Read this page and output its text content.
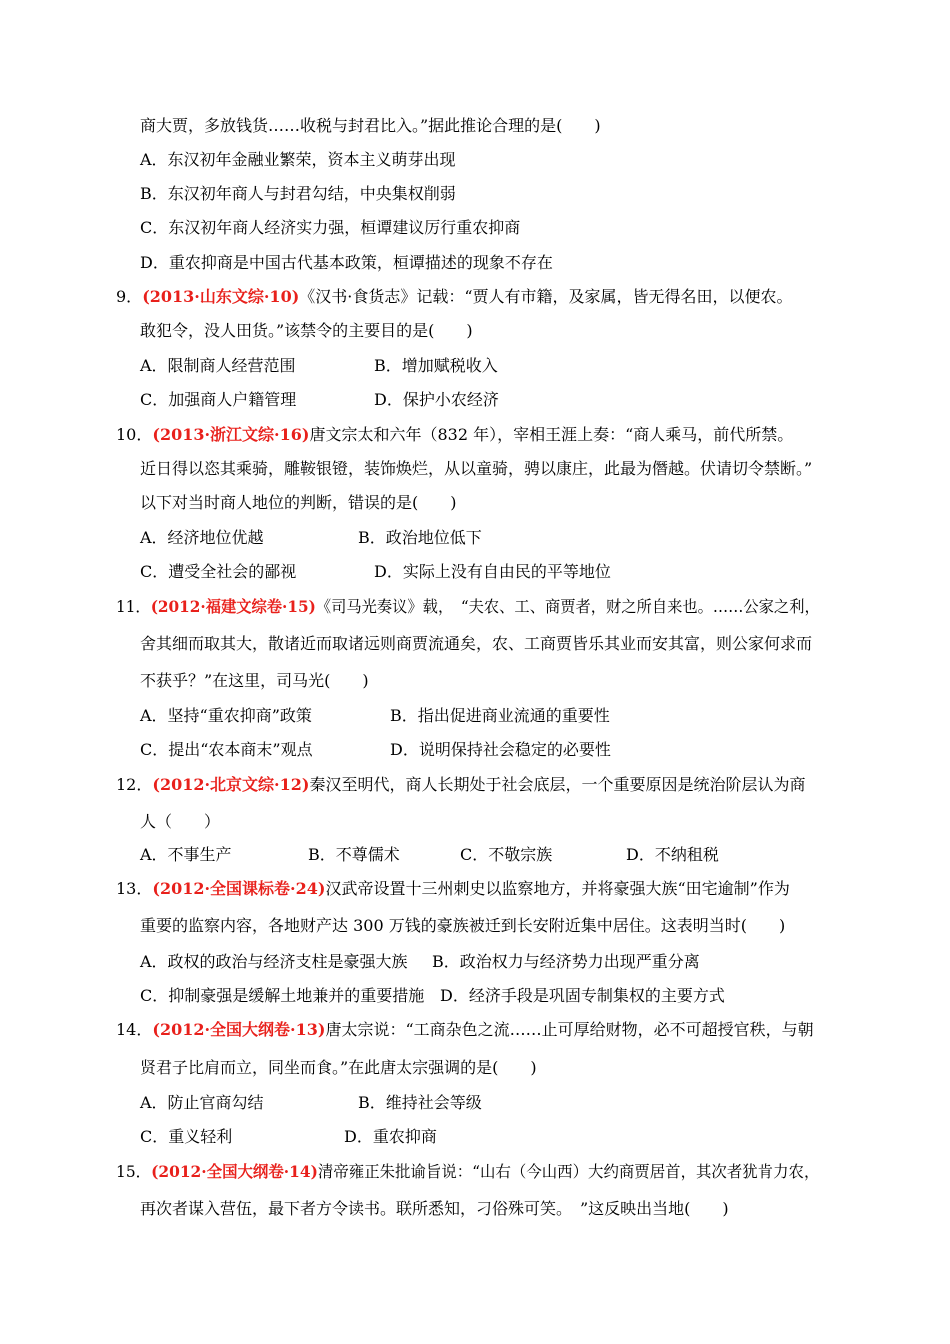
商大贾，多放钱货……收税与封君比入。”据此推论合理的是(　　)
A．东汉初年金融业繁荣，资本主义萌芽出现
B．东汉初年商人与封君勾结，中央集权削弱
C．东汉初年商人经济实力强，桓谭建议厉行重农抑商
D．重农抑商是中国古代基本政策，桓谭描述的现象不存在
9．(2013·山东文综·10)《汉书·食货志》记载：“贾人有市籍，及家属，皆无得名田，以便农。
敢犯令，没人田货。”该禁令的主要目的是(　　)
A．限制商人经营范围	B．增加赋税收入
C．加强商人户籍管理	D．保护小农经济
10．(2013·浙江文综·16)唐文宗太和六年（832 年），宰相王涯上奏：“商人乘马，前代所禁。
近日得以恣其乘骑，雕鞍银镫，装饰焕烂，从以童骑，骋以康庄，此最为僭越。伏请切令禁断。”
以下对当时商人地位的判断，错误的是(　　)
A．经济地位优越	B．政治地位低下
C．遭受全社会的鄙视	D．实际上没有自由民的平等地位
11．(2012·福建文综卷·15)《司马光奏议》载，　“夫农、工、商贾者，财之所自来也。……公家之利，
舍其细而取其大，散诸近而取诸远则商贾流通矣，农、工商贾皆乐其业而安其富，则公家何求而
不获乎？”在这里，司马光(　　)
A．坚持“重农抑商”政策	B．指出促进商业流通的重要性
C．提出“农本商末”观点	D．说明保持社会稳定的必要性
12．(2012·北京文综·12)秦汉至明代，商人长期处于社会底层，一个重要原因是统治阶层认为商
人（　　）
A．不事生产	B．不尊儒术	C．不敬宗族	D．不纳租税
13．(2012·全国课标卷·24)汉武帝设置十三州刺史以监察地方，并将豪强大族“田宅逾制”作为
重要的监察内容，各地财产达 300 万钱的豪族被迁到长安附近集中居住。这表明当时(　　)
A．政权的政治与经济支柱是豪强大族 B．政治权力与经济势力出现严重分离
C．抑制豪强是缓解土地兼并的重要措施 D．经济手段是巩固专制集权的主要方式
14．(2012·全国大纲卷·13)唐太宗说：“工商杂色之流……止可厚给财物，必不可超授官秩，与朝
贤君子比肩而立，同坐而食。”在此唐太宗强调的是(　　)
A．防止官商勾结	B．维持社会等级
C．重义轻利	D．重农抑商
15．(2012·全国大纲卷·14)清帝雍正朱批谕旨说：“山右（今山西）大约商贾居首，其次者犹肯力农，
再次者谋入营伍，最下者方令读书。联所悉知，刁俗殊可笑。　”这反映出当地(　　)
